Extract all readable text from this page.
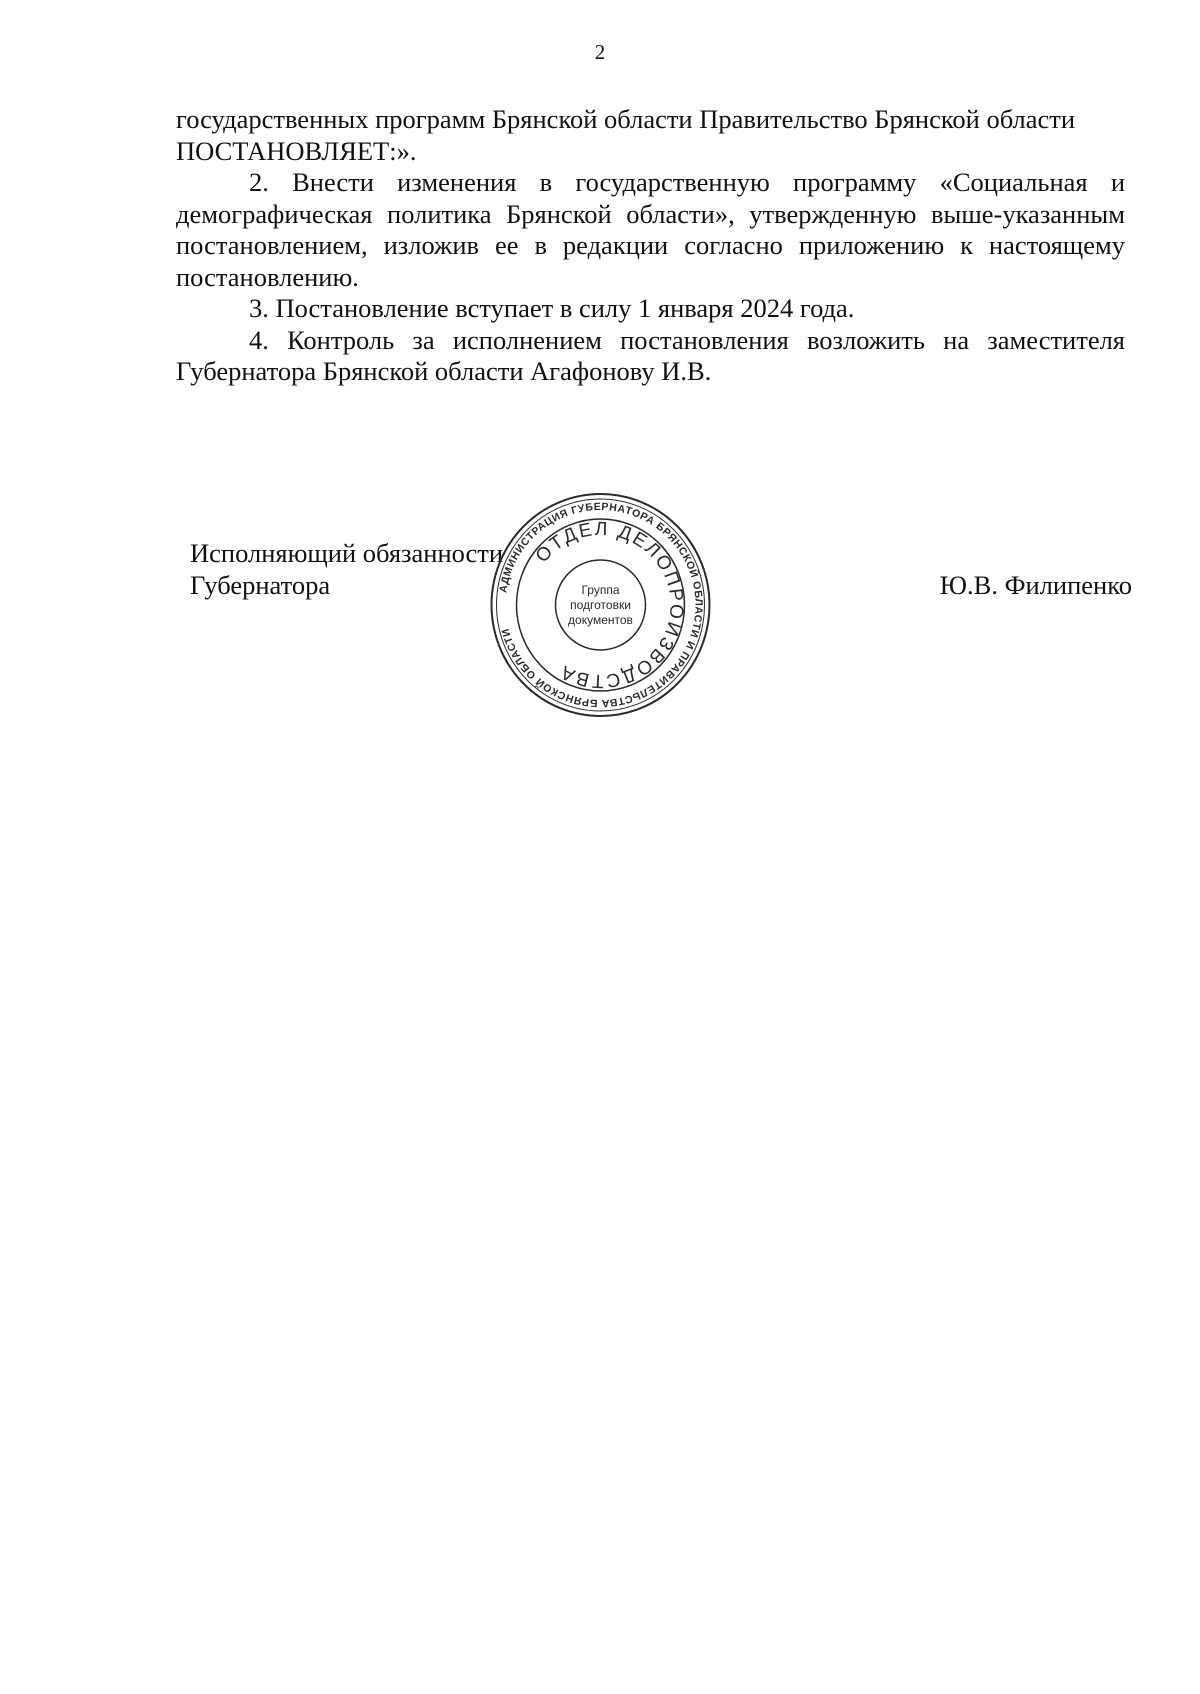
2

государственных программ Брянской области Правительство Брянской области

ПОСТАНОВЛЯЕТ:».

2. Внести изменения в государственную программу «Социальная и демографическая политика Брянской области», утвержденную выше-указанным постановлением, изложив ее в редакции согласно приложению к настоящему постановлению.

3. Постановление вступает в силу 1 января 2024 года.

4. Контроль за исполнением постановления возложить на заместителя Губернатора Брянской области Агафонову И.В.

Исполняющий обязанности
Губернатора	Ю.В. Филипенко
АДМИНИСТРАЦИЯ ГУБЕРНАТОРА БРЯНСКОЙ ОБЛАСТИ И ПРАВИТЕЛЬСТВА БРЯНСКОЙ ОБЛАСТИ
ОТДЕЛ ДЕЛОПРОИЗВОДСТВА
Группа
подготовки
документов
